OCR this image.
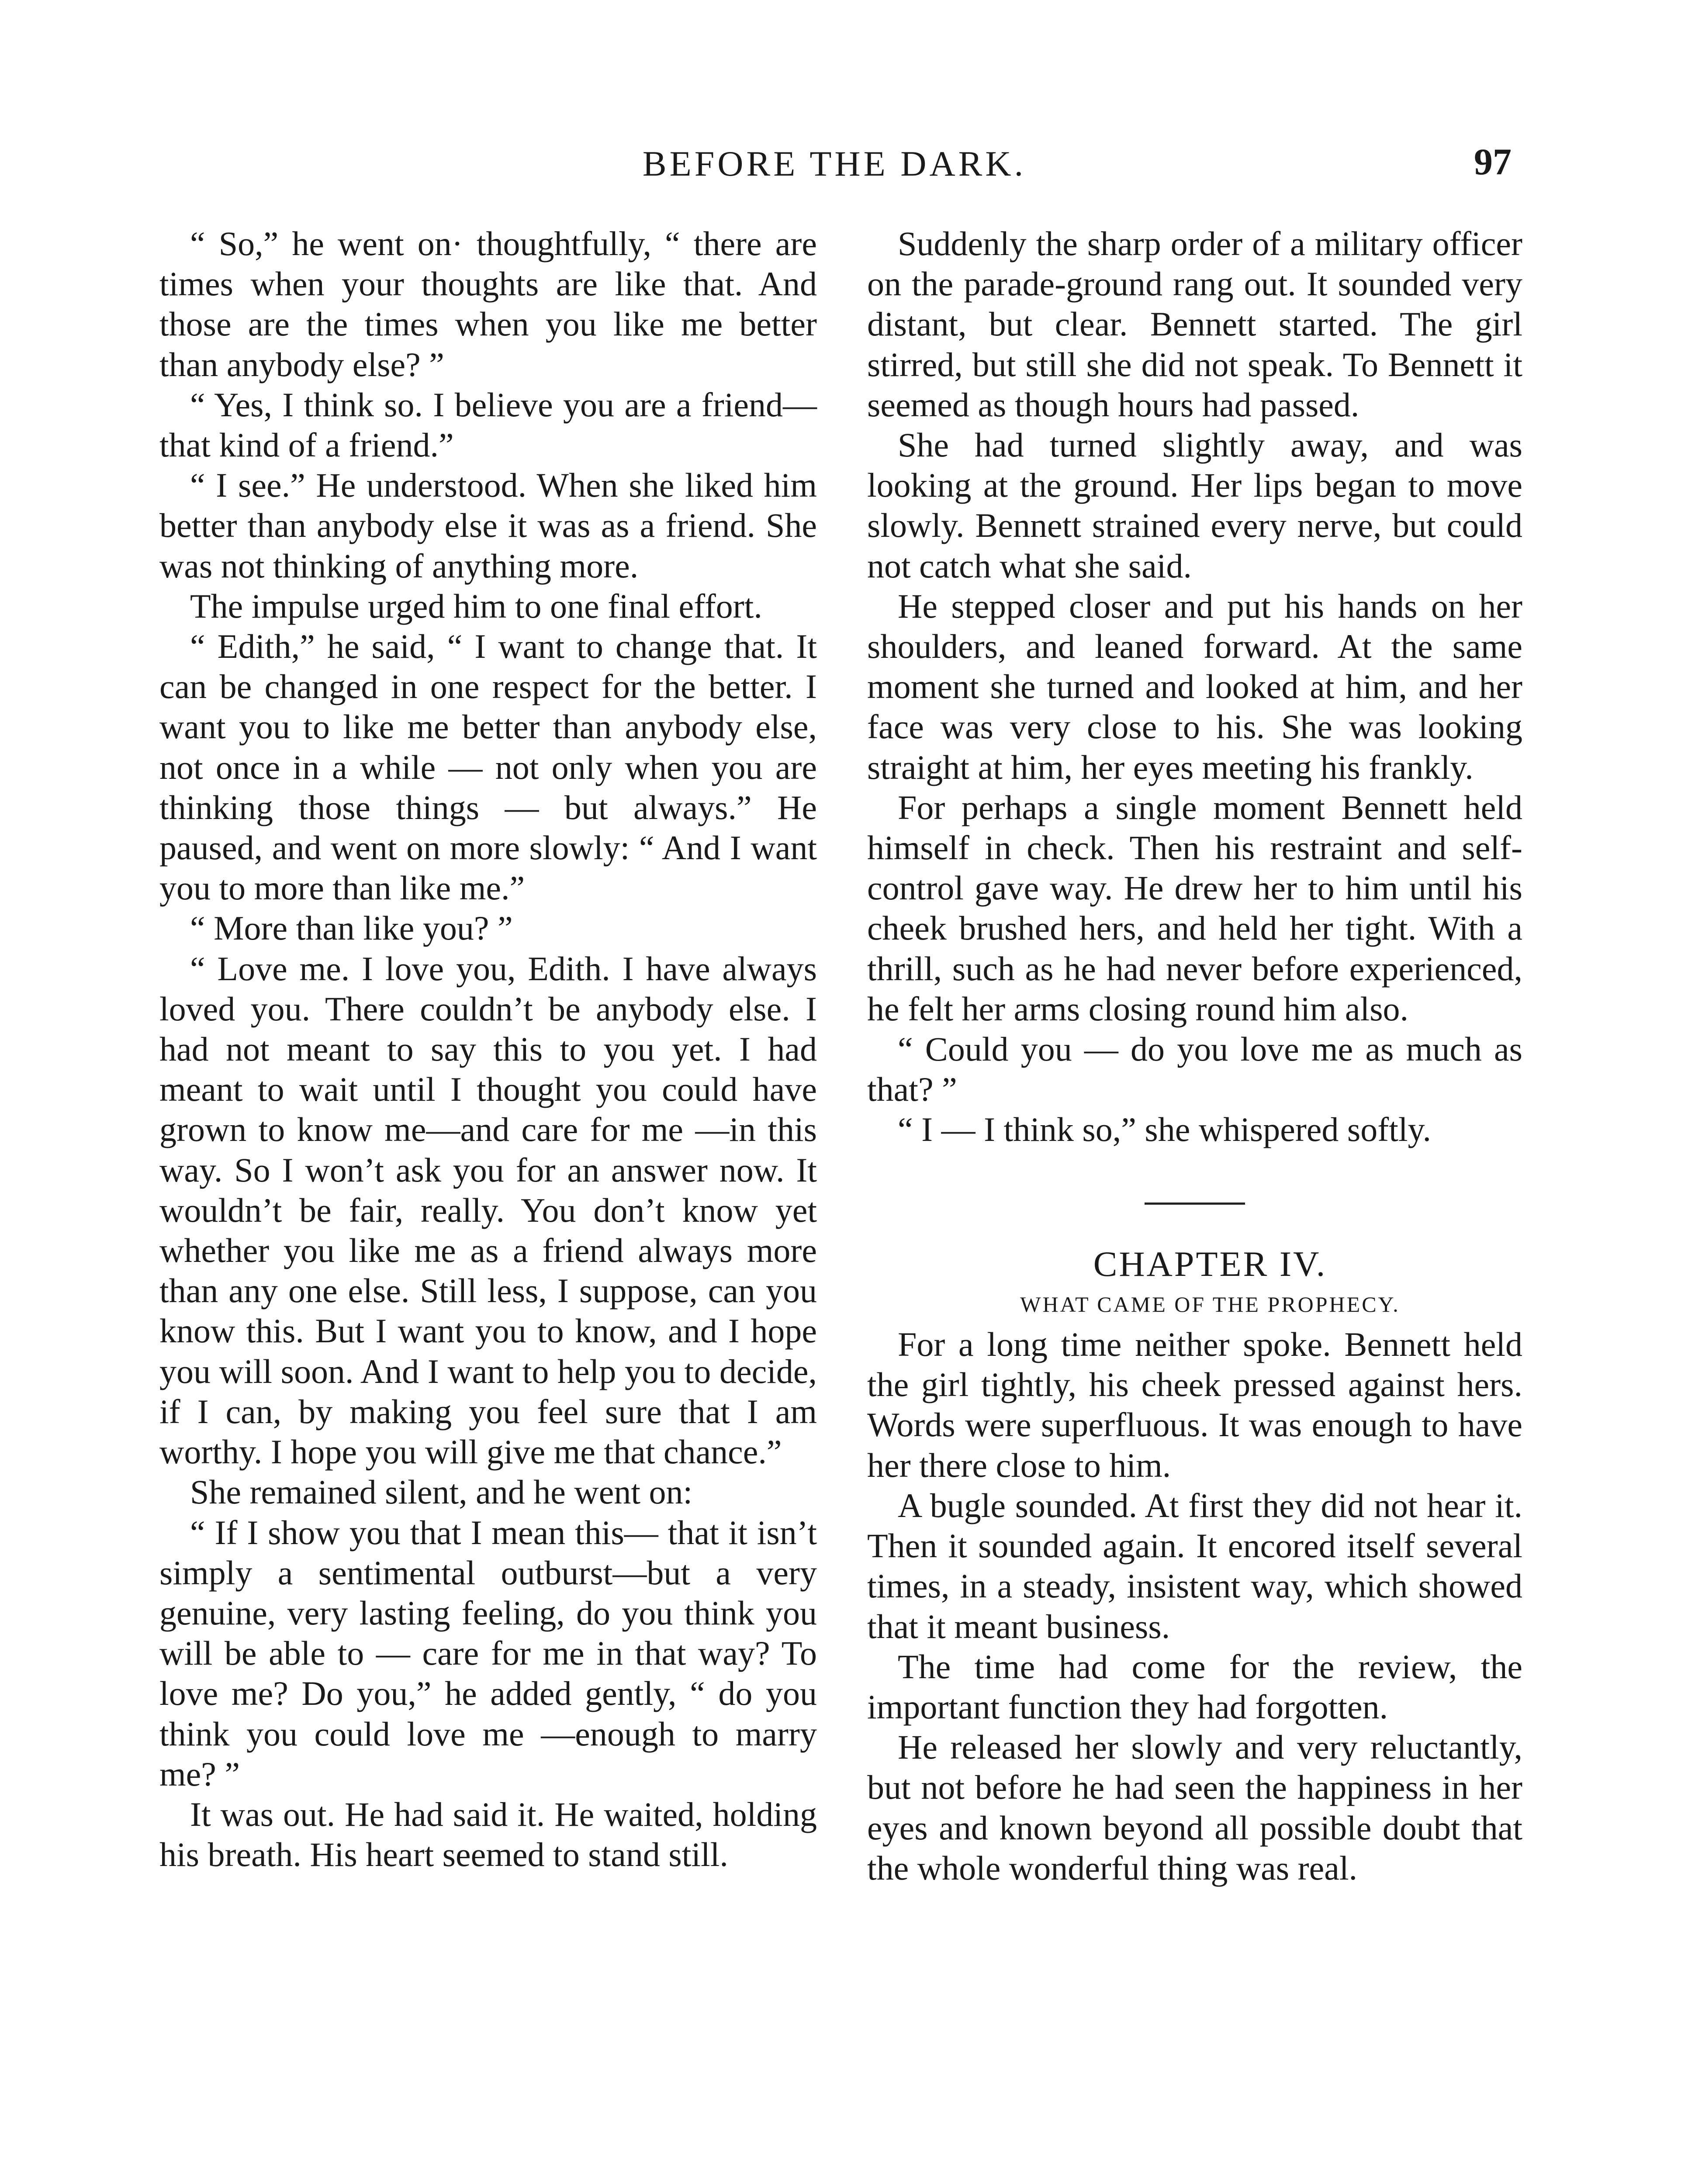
BEFORE THE DARK.	97

“ So,” he went on· thoughtfully, “ there are times when your thoughts are like that. And those are the times when you like me better than anybody else? ”

“ Yes, I think so. I believe you are a friend—that kind of a friend.”

“ I see.” He understood. When she liked him better than anybody else it was as a friend. She was not thinking of anything more.

The impulse urged him to one final effort.

“ Edith,” he said, “ I want to change that. It can be changed in one respect for the better. I want you to like me better than anybody else, not once in a while — not only when you are thinking those things — but always.” He paused, and went on more slowly: “ And I want you to more than like me.”

“ More than like you? ”

“ Love me. I love you, Edith. I have always loved you. There couldn’t be anybody else. I had not meant to say this to you yet. I had meant to wait until I thought you could have grown to know me—and care for me —in this way. So I won’t ask you for an answer now. It wouldn’t be fair, really. You don’t know yet whether you like me as a friend always more than any one else. Still less, I suppose, can you know this. But I want you to know, and I hope you will soon. And I want to help you to decide, if I can, by making you feel sure that I am worthy. I hope you will give me that chance.”

She remained silent, and he went on:

“ If I show you that I mean this— that it isn’t simply a sentimental outburst—but a very genuine, very lasting feeling, do you think you will be able to — care for me in that way? To love me? Do you,” he added gently, “ do you think you could love me —enough to marry me? ”

It was out. He had said it. He waited, holding his breath. His heart seemed to stand still.

Suddenly the sharp order of a military officer on the parade-ground rang out. It sounded very distant, but clear. Bennett started. The girl stirred, but still she did not speak. To Bennett it seemed as though hours had passed.

She had turned slightly away, and was looking at the ground. Her lips began to move slowly. Bennett strained every nerve, but could not catch what she said.

He stepped closer and put his hands on her shoulders, and leaned forward. At the same moment she turned and looked at him, and her face was very close to his. She was looking straight at him, her eyes meeting his frankly.

For perhaps a single moment Bennett held himself in check. Then his restraint and self-control gave way. He drew her to him until his cheek brushed hers, and held her tight. With a thrill, such as he had never before experienced, he felt her arms closing round him also.

“ Could you — do you love me as much as that? ”

“ I — I think so,” she whispered softly.

CHAPTER IV.

WHAT CAME OF THE PROPHECY.

For a long time neither spoke. Bennett held the girl tightly, his cheek pressed against hers. Words were superfluous. It was enough to have her there close to him.

A bugle sounded. At first they did not hear it. Then it sounded again. It encored itself several times, in a steady, insistent way, which showed that it meant business.

The time had come for the review, the important function they had forgotten.

He released her slowly and very reluctantly, but not before he had seen the happiness in her eyes and known beyond all possible doubt that the whole wonderful thing was real.
